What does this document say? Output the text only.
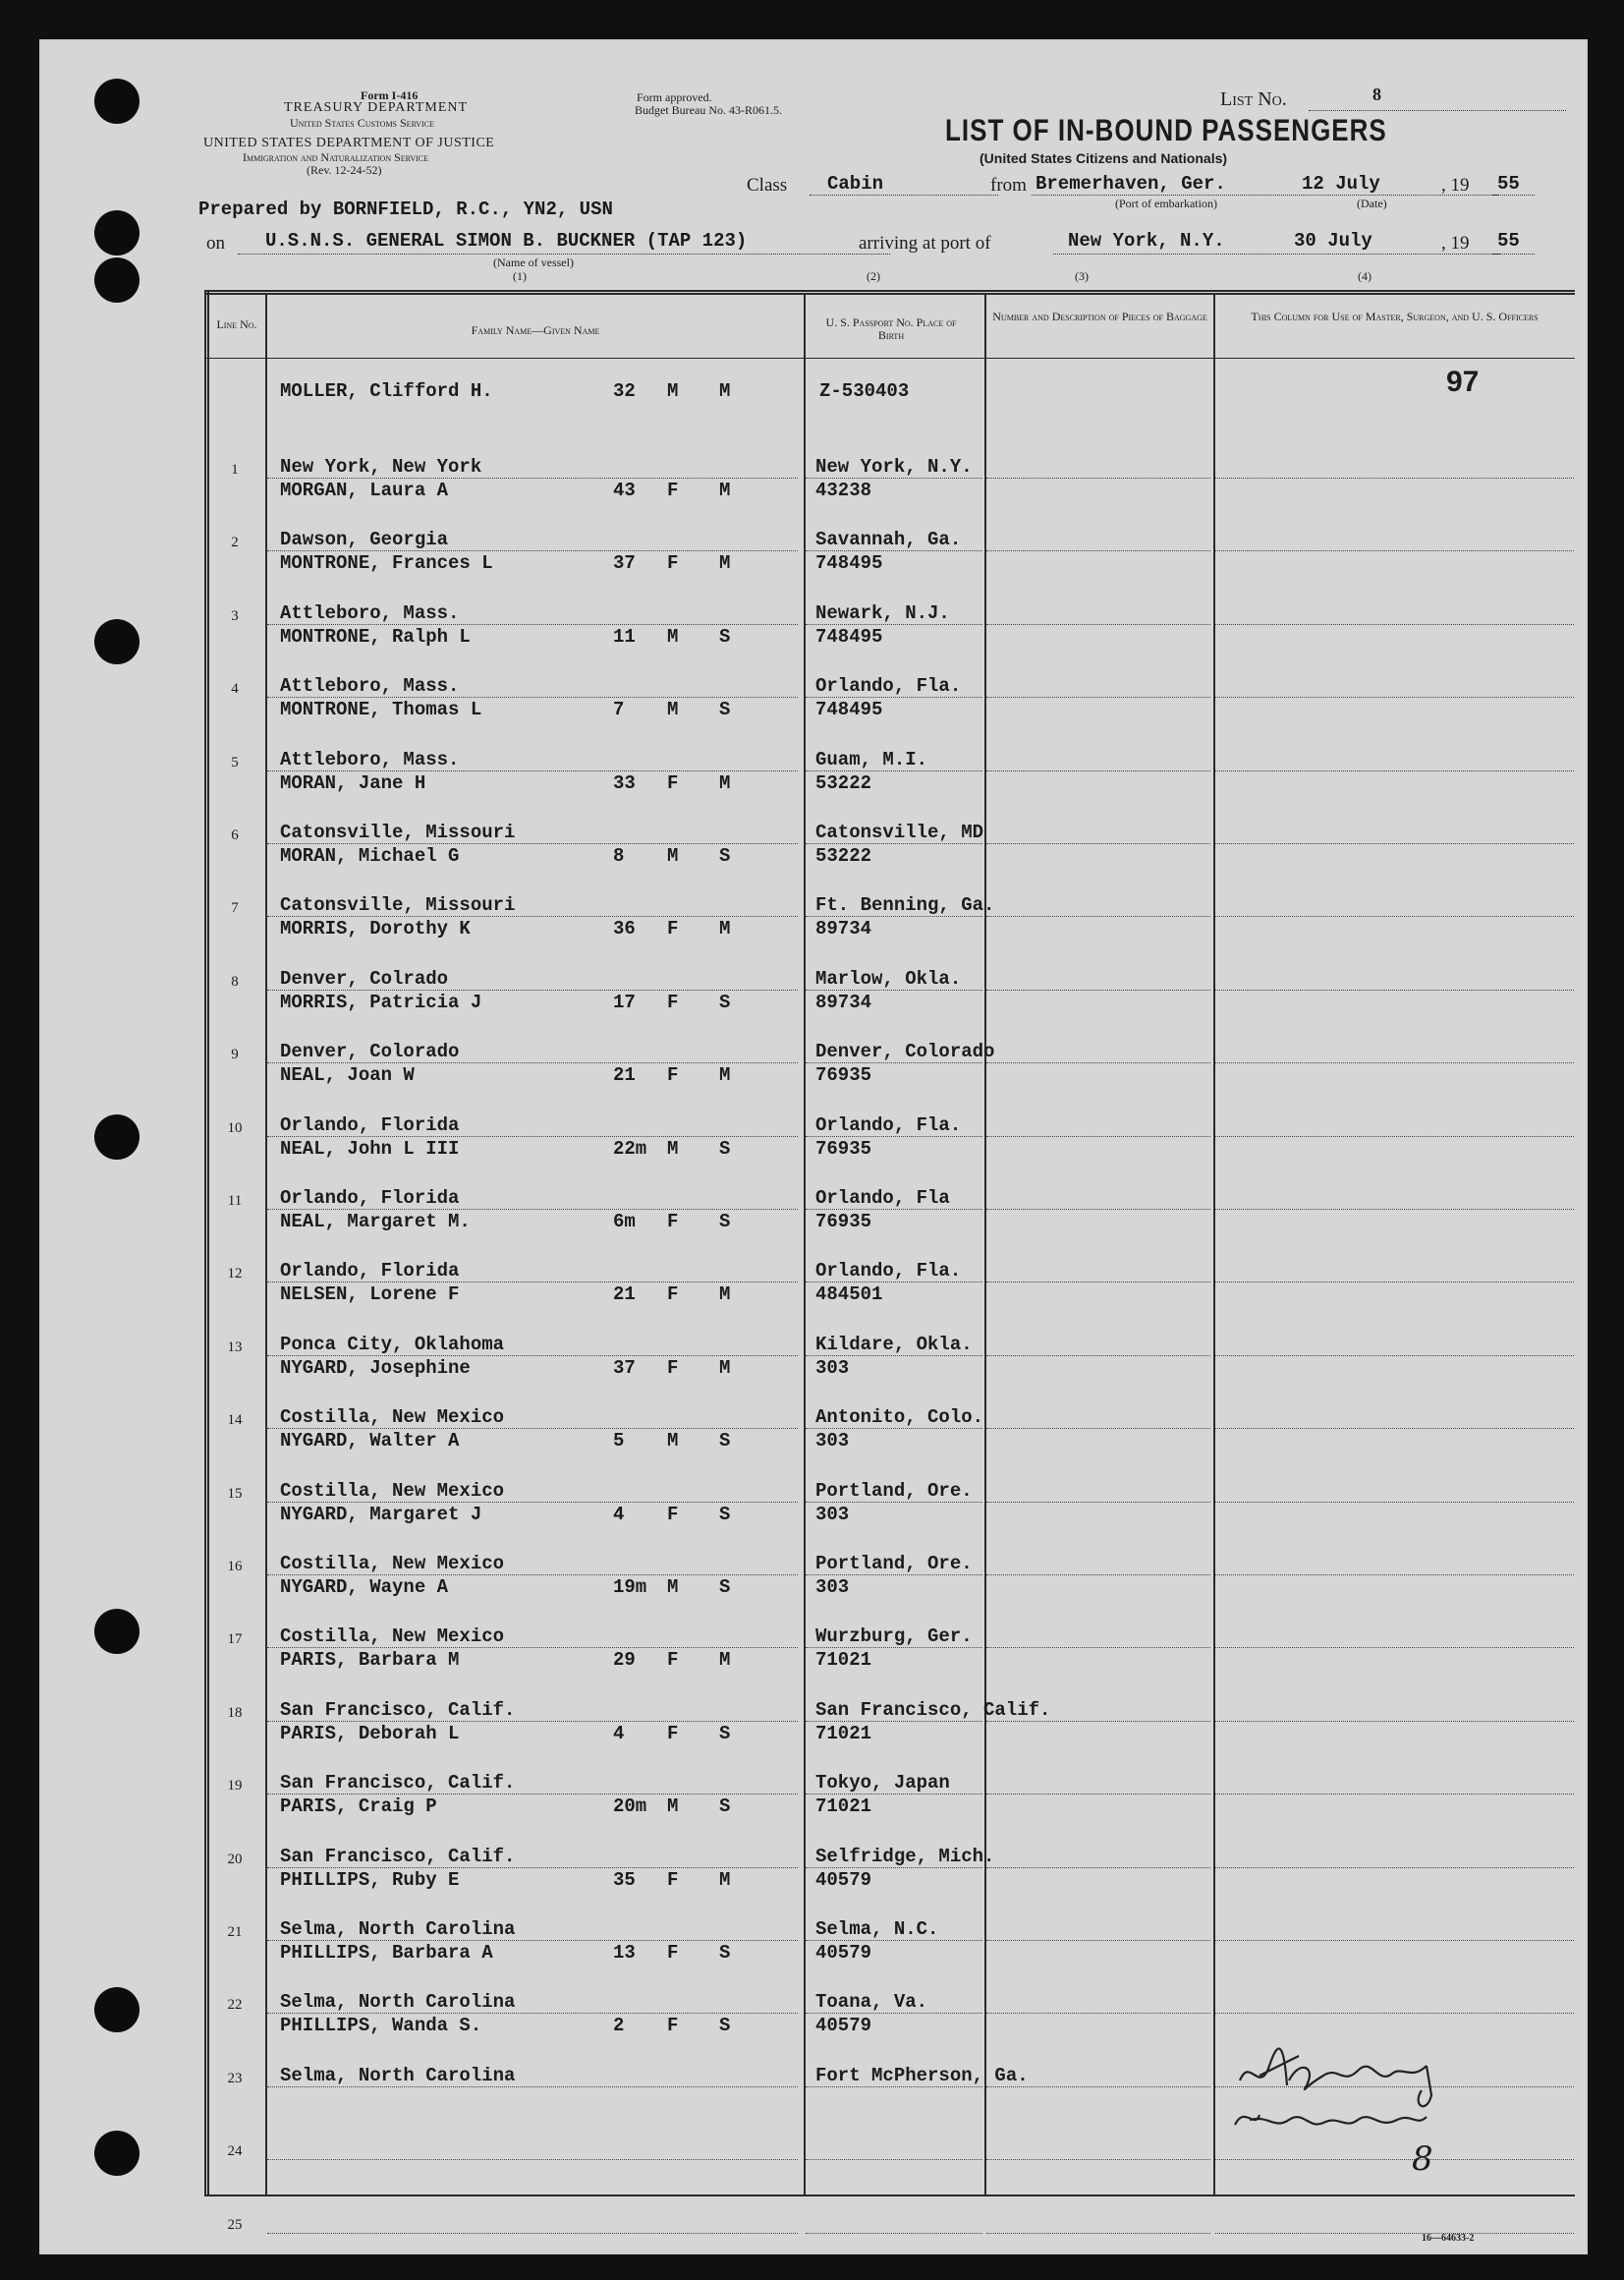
Form I-416
TREASURY DEPARTMENT
United States Customs Service
UNITED STATES DEPARTMENT OF JUSTICE
Immigration and Naturalization Service
(Rev. 12-24-52)
Form approved.
Budget Bureau No. 43-R061.5.	List No.	8
LIST OF IN-BOUND PASSENGERS
(United States Citizens and Nationals)
Class Cabin	from Bremerhaven, Ger.	12 July	, 19 55
(Port of embarkation)	(Date)
Prepared by BORNFIELD, R.C., YN2, USN
on U.S.N.S. GENERAL SIMON B. BUCKNER (TAP 123)
(Name of vessel)
(1)
arriving at port of
(2)
New York, N.Y.	30 July
(3)	(4)
, 19 55
Line No.	Family Name—Given Name
U. S. Passport No. Place of Birth
Number and Description of Pieces of Baggage	This Column for Use of Master, Surgeon, and U. S. Officers
MOLLER, Clifford H.	32 M M	Z-530403	97
1	New York, New York	New York, N.Y.
MORGAN, Laura A	43 F M	43238
2	Dawson, Georgia	Savannah, Ga.
MONTRONE, Frances L	37 F M	748495
3	Attleboro, Mass.	Newark, N.J.
MONTRONE, Ralph L	11 M S	748495
4	Attleboro, Mass.	Orlando, Fla.
MONTRONE, Thomas L	7 M S	748495
5	Attleboro, Mass.	Guam, M.I.
MORAN, Jane H	33 F M	53222
6	Catonsville, Missouri	Catonsville, MD
MORAN, Michael G	8 M S	53222
7	Catonsville, Missouri	Ft. Benning, Ga.
MORRIS, Dorothy K	36 F M	89734
8	Denver, Colrado	Marlow, Okla.
MORRIS, Patricia J	17 F S	89734
9	Denver, Colorado	Denver, Colorado
NEAL, Joan W	21 F M	76935
10	Orlando, Florida	Orlando, Fla.
NEAL, John L III	22m M S	76935
11	Orlando, Florida	Orlando, Fla
NEAL, Margaret M.	6m F S	76935
12	Orlando, Florida	Orlando, Fla.
NELSEN, Lorene F	21 F M	484501
13	Ponca City, Oklahoma	Kildare, Okla.
NYGARD, Josephine	37 F M	303
14	Costilla, New Mexico	Antonito, Colo.
NYGARD, Walter A	5 M S	303
15	Costilla, New Mexico	Portland, Ore.
NYGARD, Margaret J	4 F S	303
16	Costilla, New Mexico	Portland, Ore.
NYGARD, Wayne A	19m M S	303
17	Costilla, New Mexico	Wurzburg, Ger.
PARIS, Barbara M	29 F M	71021
18	San Francisco, Calif.	San Francisco, Calif.
PARIS, Deborah L	4 F S	71021
19	San Francisco, Calif.	Tokyo, Japan
PARIS, Craig P	20m M S	71021
20	San Francisco, Calif.	Selfridge, Mich.
PHILLIPS, Ruby E	35 F M	40579
21	Selma, North Carolina	Selma, N.C.
PHILLIPS, Barbara A	13 F S	40579
22	Selma, North Carolina	Toana, Va.
PHILLIPS, Wanda S.	2 F S	40579
23	Selma, North Carolina	Fort McPherson, Ga.
24
25
8
16—64633-2
